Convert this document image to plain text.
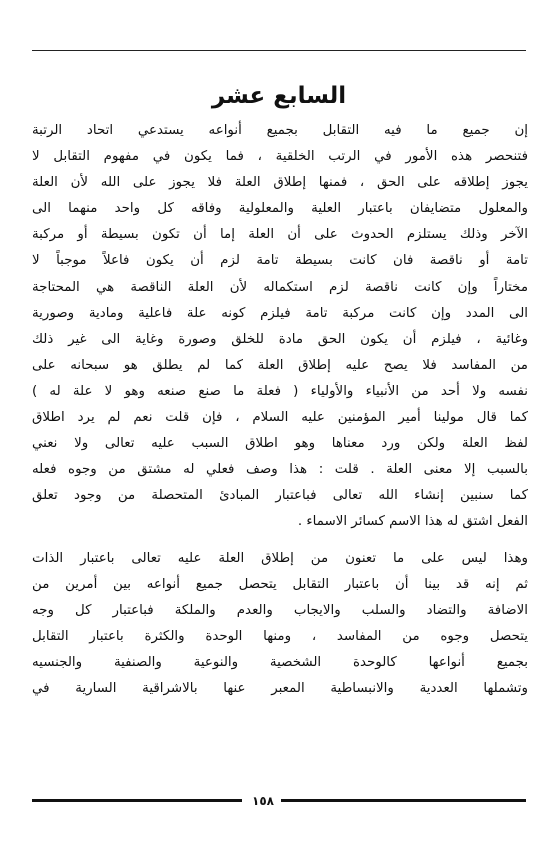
السابع عشر
إن جميع ما فيه التقابل بجميع أنواعه يستدعي اتحاد الرتبة
فتنحصر هذه الأمور في الرتب الخلقية ، فما يكون في مفهوم التقابل لا
يجوز إطلاقه على الحق ، فمنها إطلاق العلة فلا يجوز على الله لأن العلة
والمعلول متضايفان باعتبار العلية والمعلولية وفاقه كل واحد منهما الى
الآخر وذلك يستلزم الحدوث على أن العلة إما أن تكون بسيطة أو مركبة
تامة أو ناقصة فان كانت بسيطة تامة لزم أن يكون فاعلاً موجباً لا
مختاراً وإن كانت ناقصة لزم استكماله لأن العلة الناقصة هي المحتاجة
الى المدد وإن كانت مركبة تامة فيلزم كونه علة فاعلية ومادية وصورية
وغائية ، فيلزم أن يكون الحق مادة للخلق وصورة وغاية الى غير ذلك
من المفاسد فلا يصح عليه إطلاق العلة كما لم يطلق هو سبحانه على
نفسه ولا أحد من الأنبياء والأولياء ( فعلة ما صنع صنعه وهو لا علة له )
كما قال مولينا أمير المؤمنين عليه السلام ، فإن قلت نعم لم يرد اطلاق
لفظ العلة ولكن ورد معناها وهو اطلاق السبب عليه تعالى ولا نعني
بالسبب إلا معنى العلة . قلت : هذا وصف فعلي له مشتق من وجوه فعله
كما سنبين إنشاء الله تعالى فباعتبار المبادئ المتحصلة من وجود تعلق
الفعل اشتق له هذا الاسم كسائر الاسماء .
وهذا ليس على ما تعنون من إطلاق العلة عليه تعالى باعتبار الذات
ثم إنه قد بينا أن باعتبار التقابل يتحصل جميع أنواعه بين أمرين من
الاضافة والتضاد والسلب والايجاب والعدم والملكة فباعتبار كل وجه
يتحصل وجوه من المفاسد ، ومنها الوحدة والكثرة باعتبار التقابل
بجميع أنواعها كالوحدة الشخصية والنوعية والصنفية والجنسيه
وتشملها العددية والانبساطية المعبر عنها بالاشراقية السارية في
١٥٨
